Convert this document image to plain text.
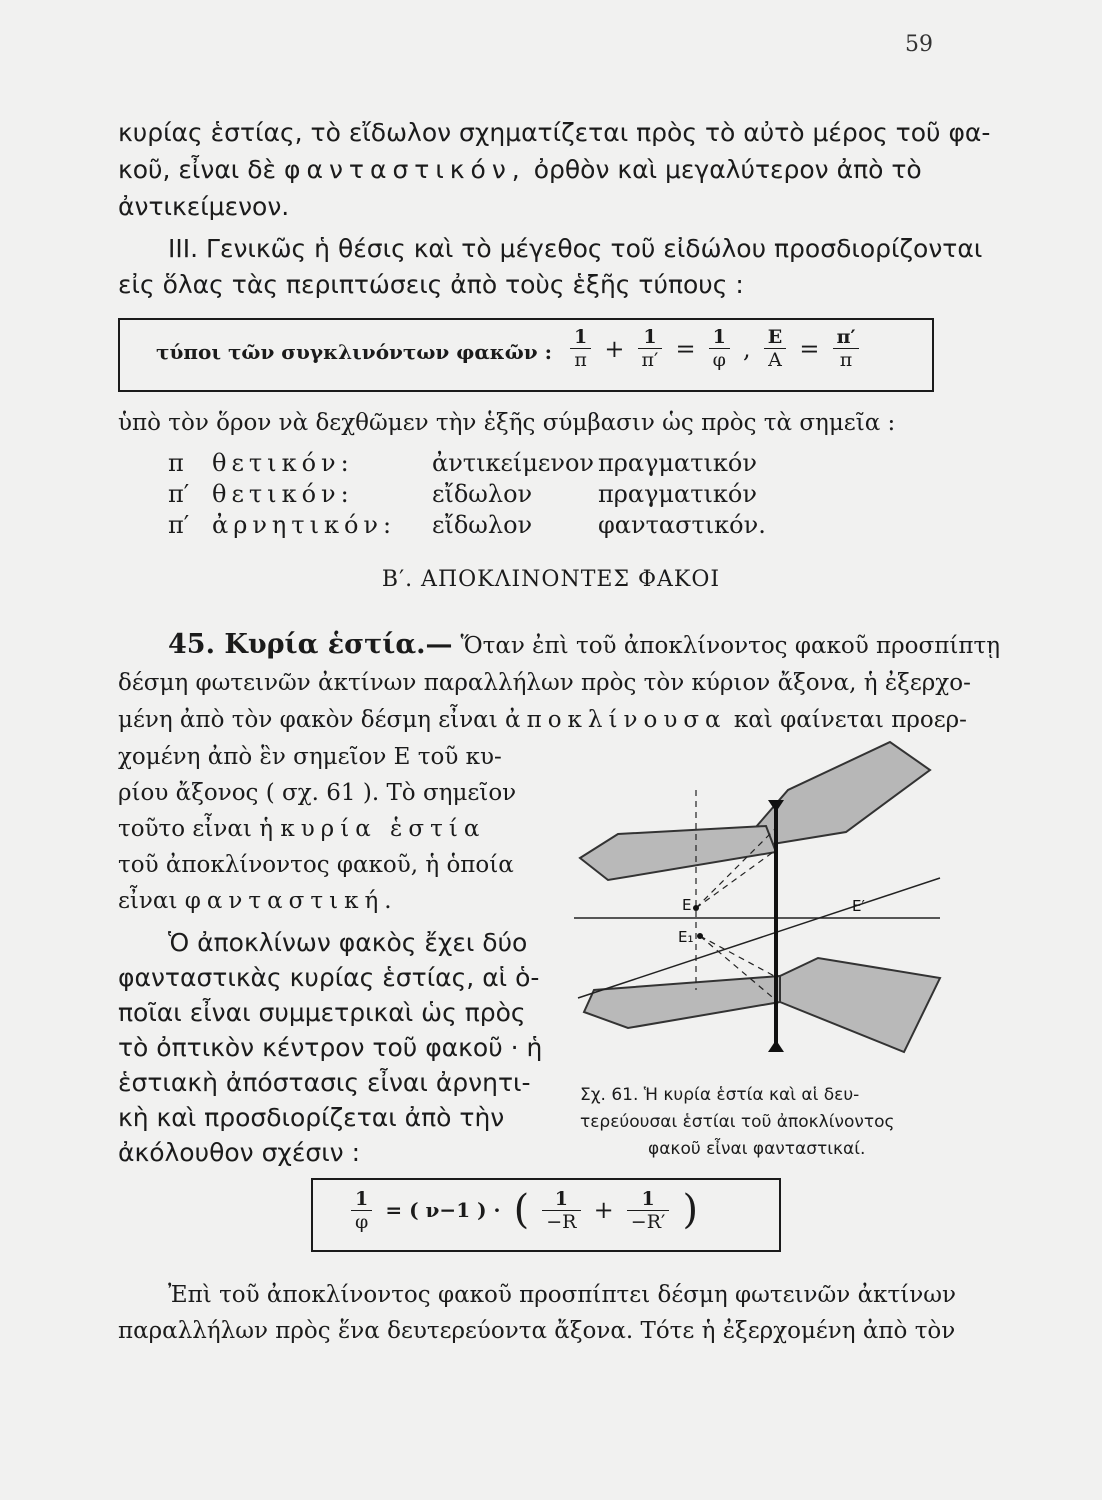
59
κυρίας ἑστίας, τὸ εἴδωλον σχηματίζεται πρὸς τὸ αὐτὸ μέρος τοῦ φα-
κοῦ, εἶναι δὲ φανταστικόν, ὀρθὸν καὶ μεγαλύτερον ἀπὸ τὸ
ἀντικείμενον.
ΙΙΙ. Γενικῶς ἡ θέσις καὶ τὸ μέγεθος τοῦ εἰδώλου προσδιορίζονται
εἰς ὅλας τὰς περιπτώσεις ἀπὸ τοὺς ἑξῆς τύπους :
τύποι τῶν συγκλινόντων φακῶν : $\frac{1}{\pi} + \frac{1}{\pi'} = \frac{1}{\varphi}$ , $\frac{E}{A} = \frac{\pi'}{\pi}$
ὑπὸ τὸν ὅρον νὰ δεχθῶμεν τὴν ἑξῆς σύμβασιν ὡς πρὸς τὰ σημεῖα :
π
π′
π′
θετικόν:
θετικόν:
ἀρνητικόν:
ἀντικείμενον
εἴδωλον
εἴδωλον
πραγματικόν
πραγματικόν
φανταστικόν.
Β′. ΑΠΟΚΛΙΝΟΝΤΕΣ ΦΑΚΟΙ
45. Κυρία ἑστία.— Ὅταν ἐπὶ τοῦ ἀποκλίνοντος φακοῦ προσπίπτῃ
δέσμη φωτεινῶν ἀκτίνων παραλλήλων πρὸς τὸν κύριον ἄξονα, ἡ ἐξερχο-
μένη ἀπὸ τὸν φακὸν δέσμη εἶναι ἀποκλίνουσα καὶ φαίνεται προερ-
χομένη ἀπὸ ἓν σημεῖον Ε τοῦ κυ-
ρίου ἄξονος ( σχ. 61 ). Τὸ σημεῖον
τοῦτο εἶναι ἡ κυρία ἑστία
τοῦ ἀποκλίνοντος φακοῦ, ἡ ὁποία
εἶναι φανταστική.
Ὁ ἀποκλίνων φακὸς ἔχει δύο
φανταστικὰς κυρίας ἑστίας, αἱ ὁ-
ποῖαι εἶναι συμμετρικαὶ ὡς πρὸς
τὸ ὀπτικὸν κέντρον τοῦ φακοῦ · ἡ
ἑστιακὴ ἀπόστασις εἶναι ἀρνητι-
κὴ καὶ προσδιορίζεται ἀπὸ τὴν
ἀκόλουθον σχέσιν :
Ε	Ε′
Ε₁
Σχ. 61. Ἡ κυρία ἑστία καὶ αἱ δευ-
τερεύουσαι ἑστίαι τοῦ ἀποκλίνοντος
φακοῦ εἶναι φανταστικαί.
$\frac{1}{\varphi}$ = ( ν−1 ) · ( $\frac{1}{-R} + \frac{1}{-R'}$ )
Ἐπὶ τοῦ ἀποκλίνοντος φακοῦ προσπίπτει δέσμη φωτεινῶν ἀκτίνων
παραλλήλων πρὸς ἕνα δευτερεύοντα ἄξονα. Τότε ἡ ἐξερχομένη ἀπὸ τὸν
